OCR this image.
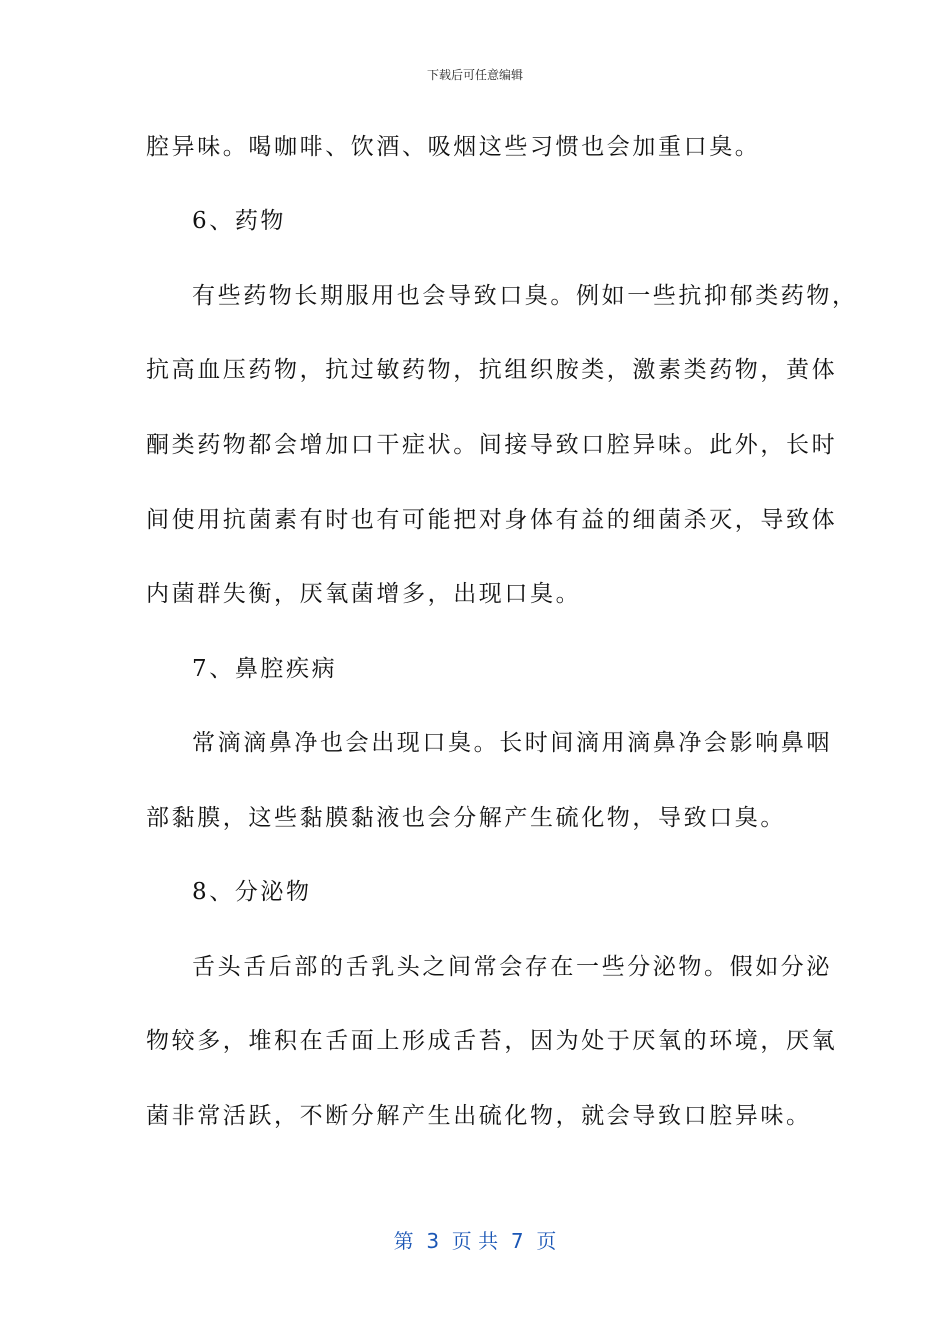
下载后可任意编辑
腔异味。喝咖啡、饮酒、吸烟这些习惯也会加重口臭。
6、药物
有些药物长期服用也会导致口臭。例如一些抗抑郁类药物，
抗高血压药物，抗过敏药物，抗组织胺类，激素类药物，黄体
酮类药物都会增加口干症状。间接导致口腔异味。此外，长时
间使用抗菌素有时也有可能把对身体有益的细菌杀灭，导致体
内菌群失衡，厌氧菌增多，出现口臭。
7、鼻腔疾病
常滴滴鼻净也会出现口臭。长时间滴用滴鼻净会影响鼻咽
部黏膜，这些黏膜黏液也会分解产生硫化物，导致口臭。
8、分泌物
舌头舌后部的舌乳头之间常会存在一些分泌物。假如分泌
物较多，堆积在舌面上形成舌苔，因为处于厌氧的环境，厌氧
菌非常活跃，不断分解产生出硫化物，就会导致口腔异味。
第  3  页 共  7  页
